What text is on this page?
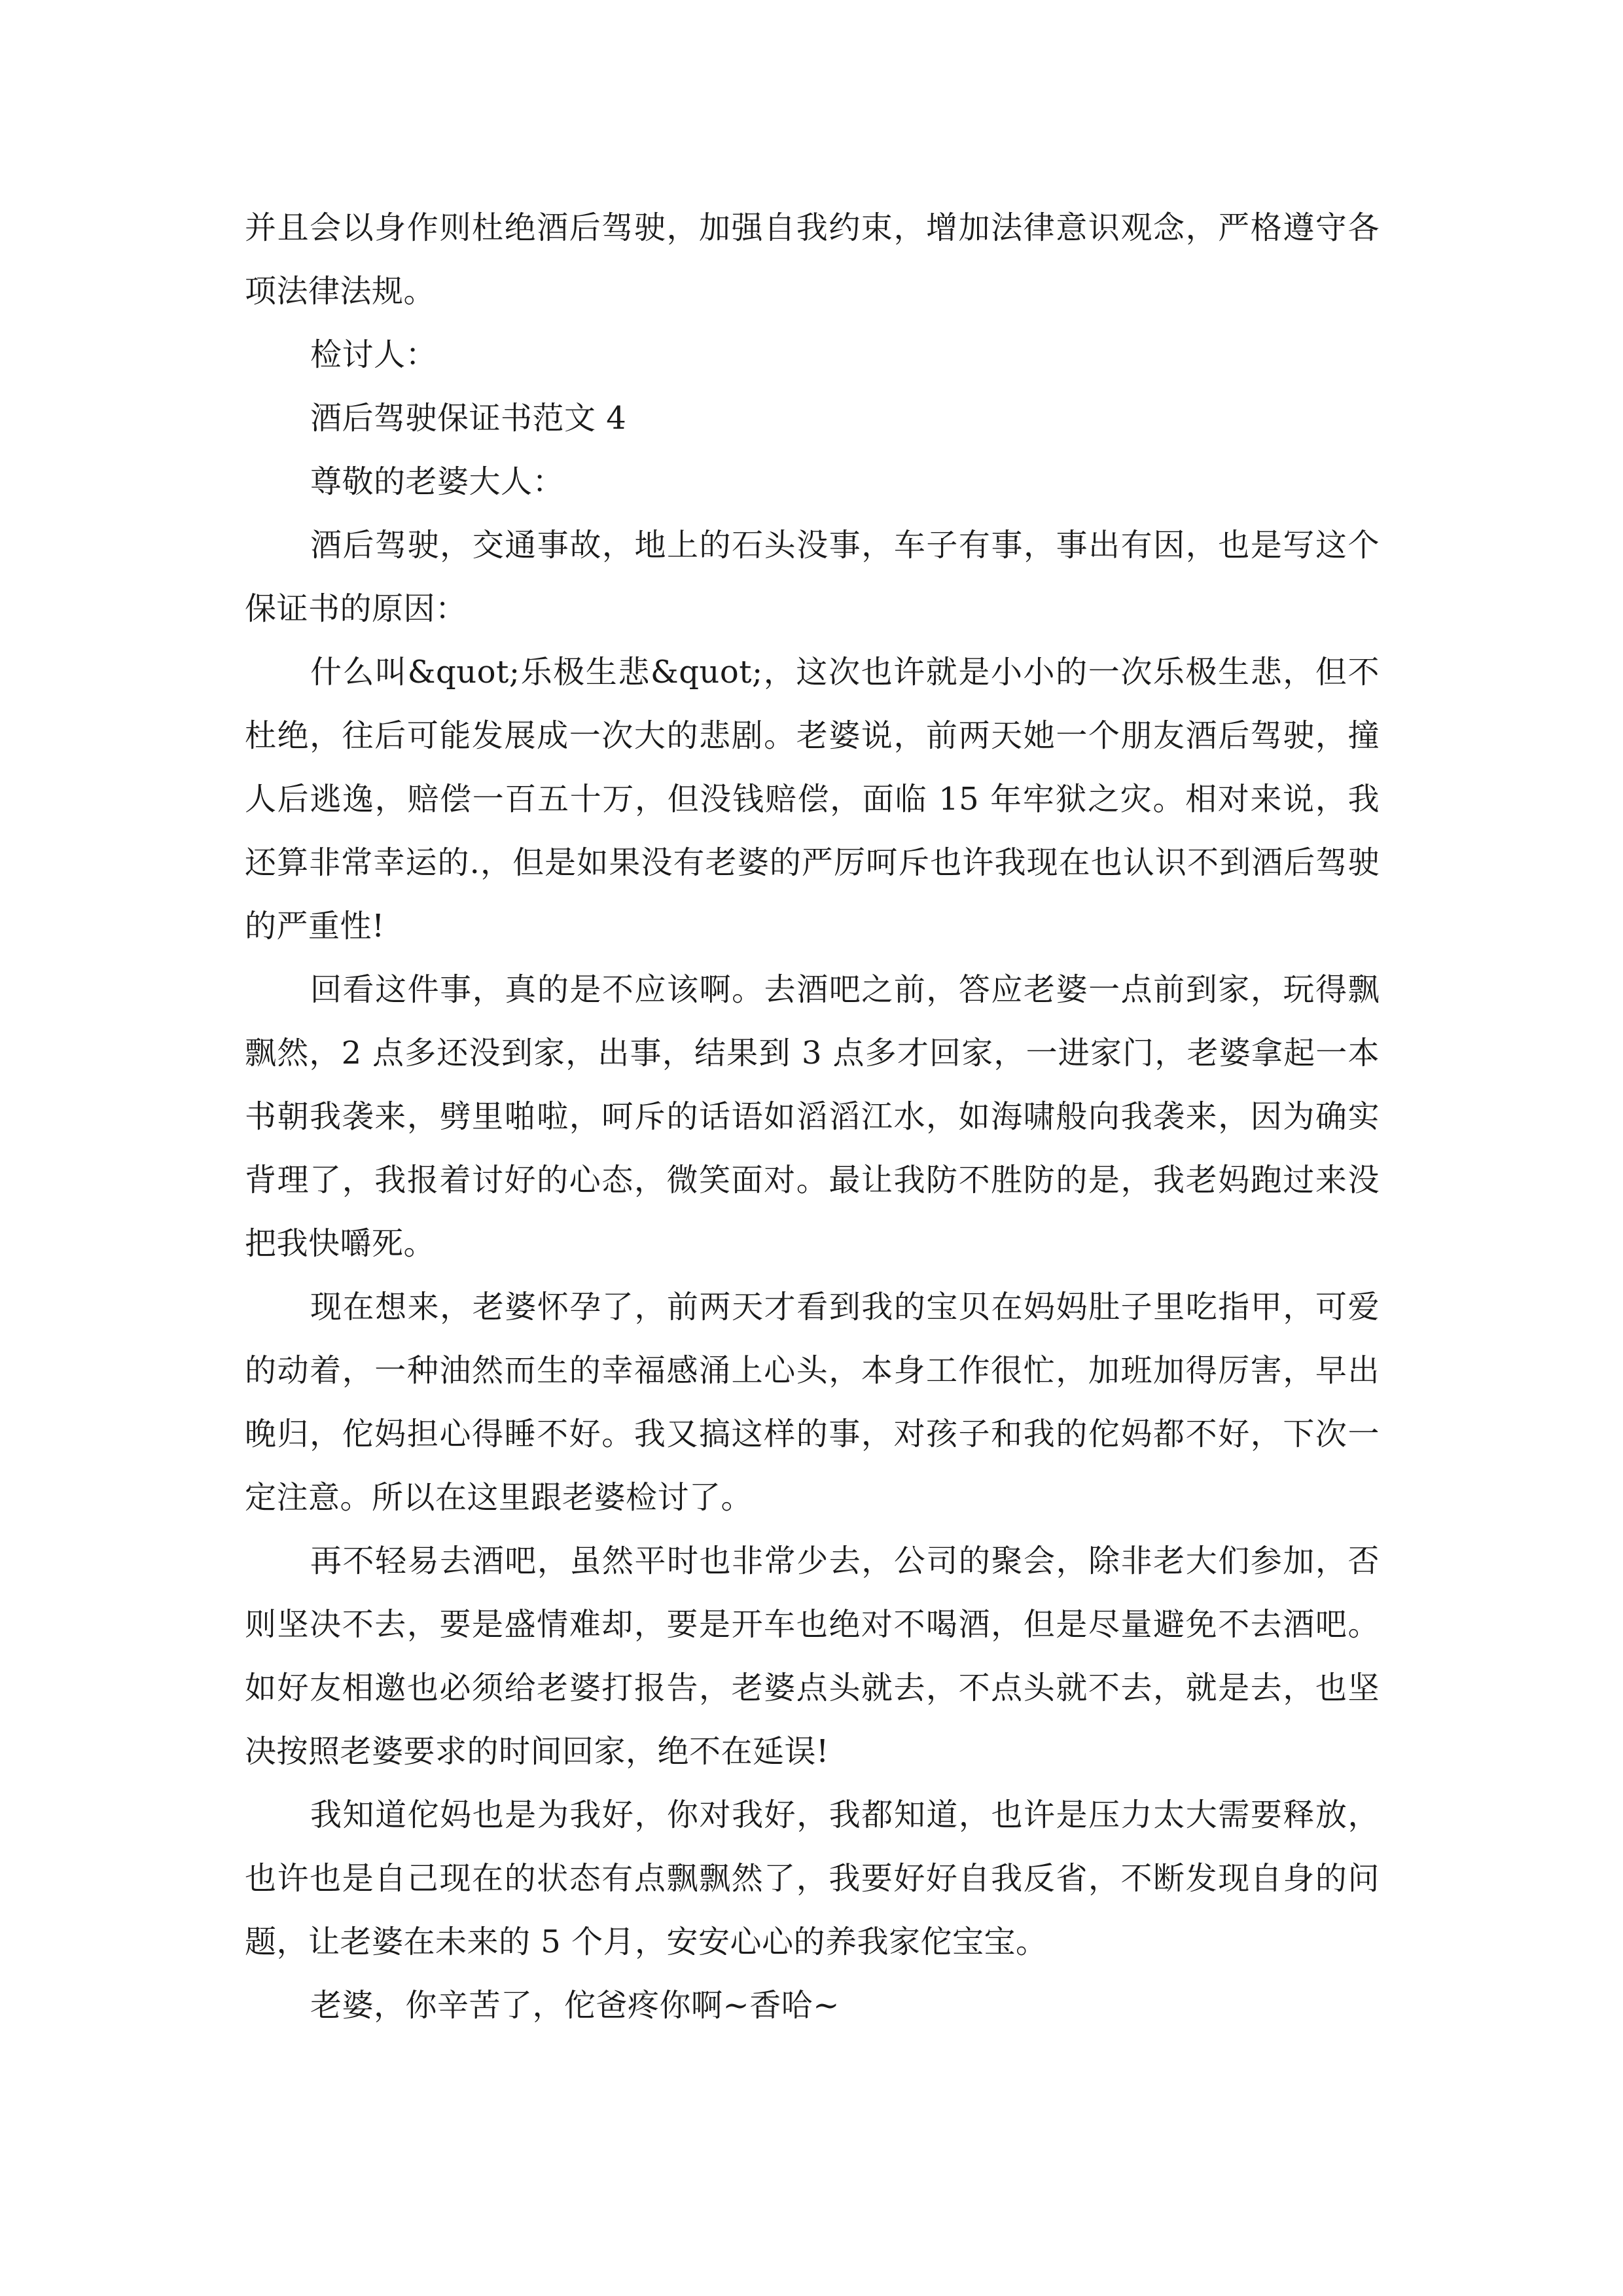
并且会以身作则杜绝酒后驾驶，加强自我约束，增加法律意识观念，严格遵守各项法律法规。

检讨人：

酒后驾驶保证书范文 4

尊敬的老婆大人：

酒后驾驶，交通事故，地上的石头没事，车子有事，事出有因，也是写这个保证书的原因：

什么叫&quot;乐极生悲&quot;，这次也许就是小小的一次乐极生悲，但不杜绝，往后可能发展成一次大的悲剧。老婆说，前两天她一个朋友酒后驾驶，撞人后逃逸，赔偿一百五十万，但没钱赔偿，面临 15 年牢狱之灾。相对来说，我还算非常幸运的.，但是如果没有老婆的严厉呵斥也许我现在也认识不到酒后驾驶的严重性!

回看这件事，真的是不应该啊。去酒吧之前，答应老婆一点前到家，玩得飘飘然，2 点多还没到家，出事，结果到 3 点多才回家，一进家门，老婆拿起一本书朝我袭来，劈里啪啦，呵斥的话语如滔滔江水，如海啸般向我袭来，因为确实背理了，我报着讨好的心态，微笑面对。最让我防不胜防的是，我老妈跑过来没把我快嚼死。

现在想来，老婆怀孕了，前两天才看到我的宝贝在妈妈肚子里吃指甲，可爱的动着，一种油然而生的幸福感涌上心头，本身工作很忙，加班加得厉害，早出晚归，佗妈担心得睡不好。我又搞这样的事，对孩子和我的佗妈都不好，下次一定注意。所以在这里跟老婆检讨了。

再不轻易去酒吧，虽然平时也非常少去，公司的聚会，除非老大们参加，否则坚决不去，要是盛情难却，要是开车也绝对不喝酒，但是尽量避免不去酒吧。如好友相邀也必须给老婆打报告，老婆点头就去，不点头就不去，就是去，也坚决按照老婆要求的时间回家，绝不在延误!

我知道佗妈也是为我好，你对我好，我都知道，也许是压力太大需要释放，也许也是自己现在的状态有点飘飘然了，我要好好自我反省，不断发现自身的问题，让老婆在未来的 5 个月，安安心心的养我家佗宝宝。

老婆，你辛苦了，佗爸疼你啊~香哈~
